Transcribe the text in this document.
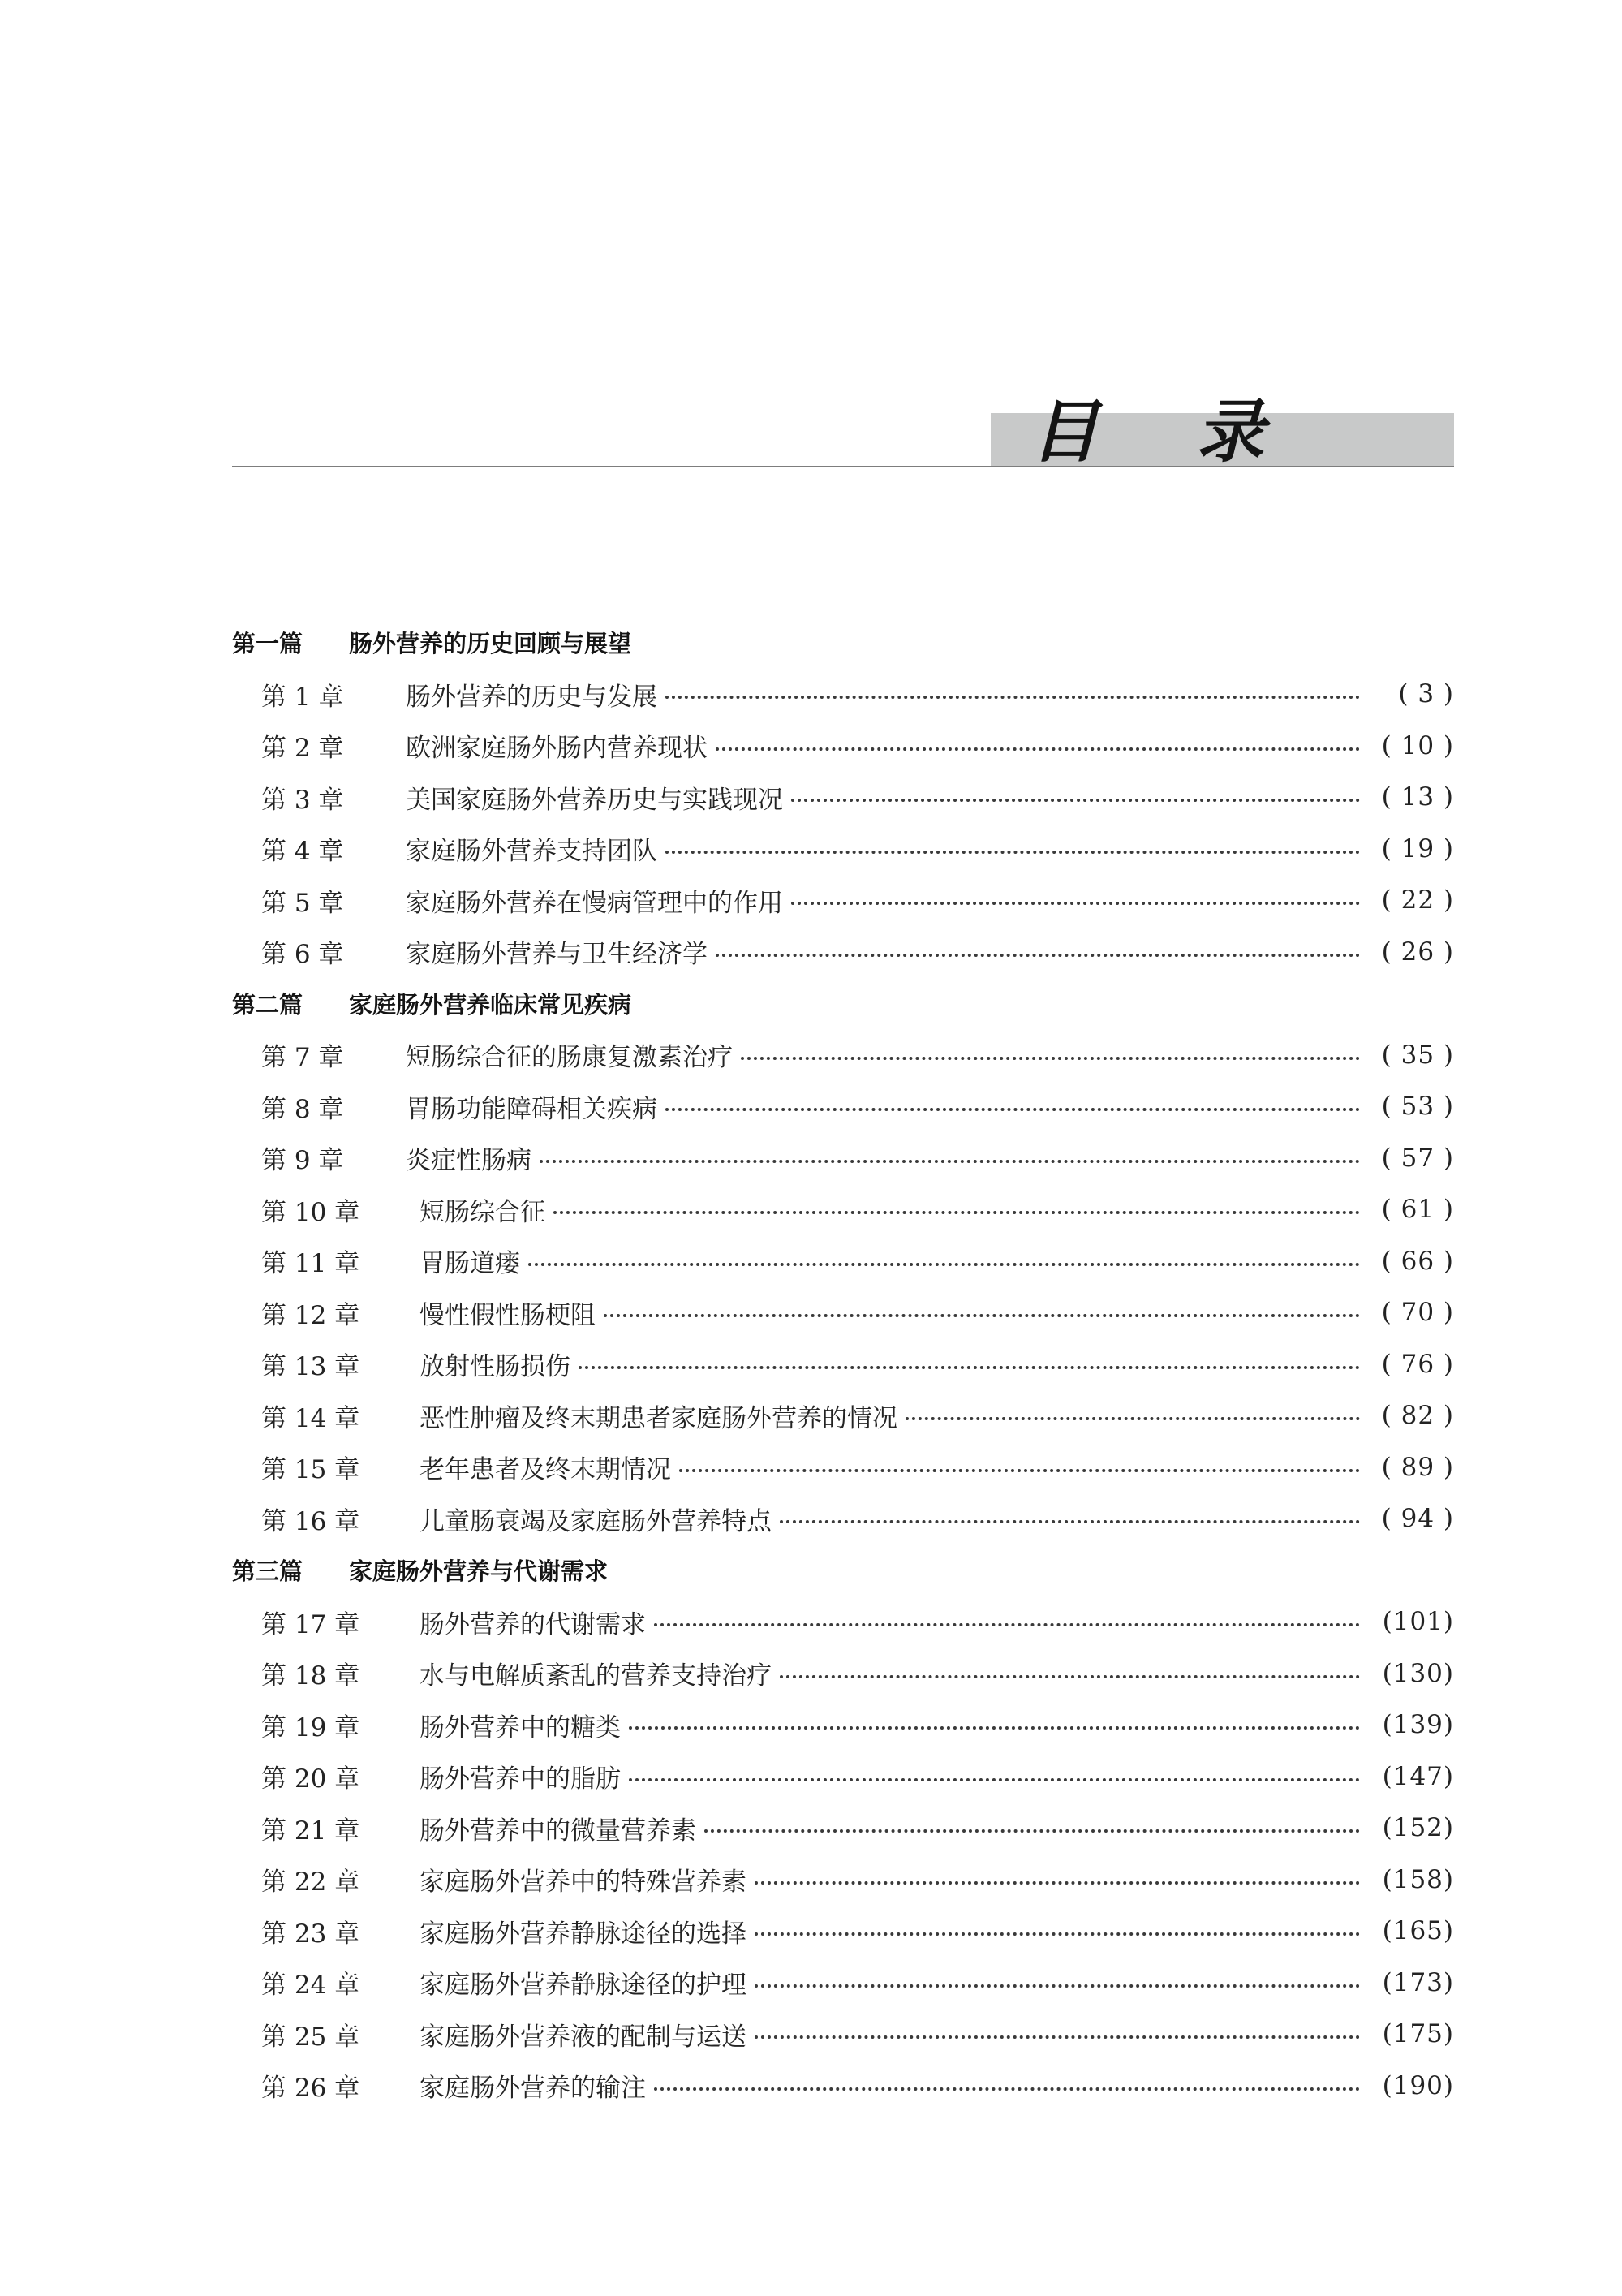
目 录
第一篇	肠外营养的历史回顾与展望
第 1 章	肠外营养的历史与发展	( 3 )
第 2 章	欧洲家庭肠外肠内营养现状	( 10 )
第 3 章	美国家庭肠外营养历史与实践现况	( 13 )
第 4 章	家庭肠外营养支持团队	( 19 )
第 5 章	家庭肠外营养在慢病管理中的作用	( 22 )
第 6 章	家庭肠外营养与卫生经济学	( 26 )
第二篇	家庭肠外营养临床常见疾病
第 7 章	短肠综合征的肠康复激素治疗	( 35 )
第 8 章	胃肠功能障碍相关疾病	( 53 )
第 9 章	炎症性肠病	( 57 )
第 10 章	短肠综合征	( 61 )
第 11 章	胃肠道瘘	( 66 )
第 12 章	慢性假性肠梗阻	( 70 )
第 13 章	放射性肠损伤	( 76 )
第 14 章	恶性肿瘤及终末期患者家庭肠外营养的情况	( 82 )
第 15 章	老年患者及终末期情况	( 89 )
第 16 章	儿童肠衰竭及家庭肠外营养特点	( 94 )
第三篇	家庭肠外营养与代谢需求
第 17 章	肠外营养的代谢需求	(101)
第 18 章	水与电解质紊乱的营养支持治疗	(130)
第 19 章	肠外营养中的糖类	(139)
第 20 章	肠外营养中的脂肪	(147)
第 21 章	肠外营养中的微量营养素	(152)
第 22 章	家庭肠外营养中的特殊营养素	(158)
第 23 章	家庭肠外营养静脉途径的选择	(165)
第 24 章	家庭肠外营养静脉途径的护理	(173)
第 25 章	家庭肠外营养液的配制与运送	(175)
第 26 章	家庭肠外营养的输注	(190)
